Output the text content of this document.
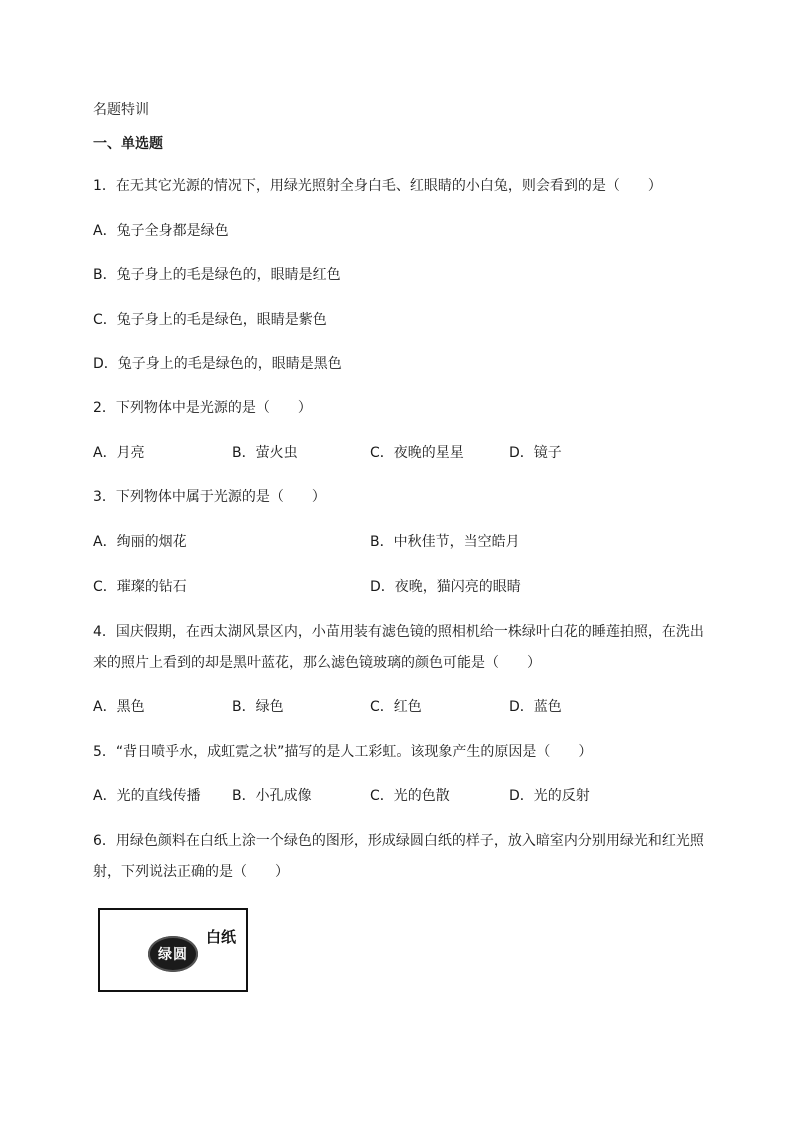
名题特训
一、单选题
1．在无其它光源的情况下，用绿光照射全身白毛、红眼睛的小白兔，则会看到的是（　　）
A．兔子全身都是绿色
B．兔子身上的毛是绿色的，眼睛是红色
C．兔子身上的毛是绿色，眼睛是紫色
D．兔子身上的毛是绿色的，眼睛是黑色
2．下列物体中是光源的是（　　）
A．月亮	B．萤火虫	C．夜晚的星星	D．镜子
3．下列物体中属于光源的是（　　）
A．绚丽的烟花	B．中秋佳节，当空皓月
C．璀璨的钻石	D．夜晚，猫闪亮的眼睛
4．国庆假期，在西太湖风景区内，小苗用装有滤色镜的照相机给一株绿叶白花的睡莲拍照，在洗出
来的照片上看到的却是黑叶蓝花，那么滤色镜玻璃的颜色可能是（　　）
A．黑色	B．绿色	C．红色	D．蓝色
5．“背日喷乎水，成虹霓之状”描写的是人工彩虹。该现象产生的原因是（　　）
A．光的直线传播 B．小孔成像	C．光的色散	D．光的反射
6．用绿色颜料在白纸上涂一个绿色的图形，形成绿圆白纸的样子，放入暗室内分别用绿光和红光照
射，下列说法正确的是（　　）
白纸
绿圆
